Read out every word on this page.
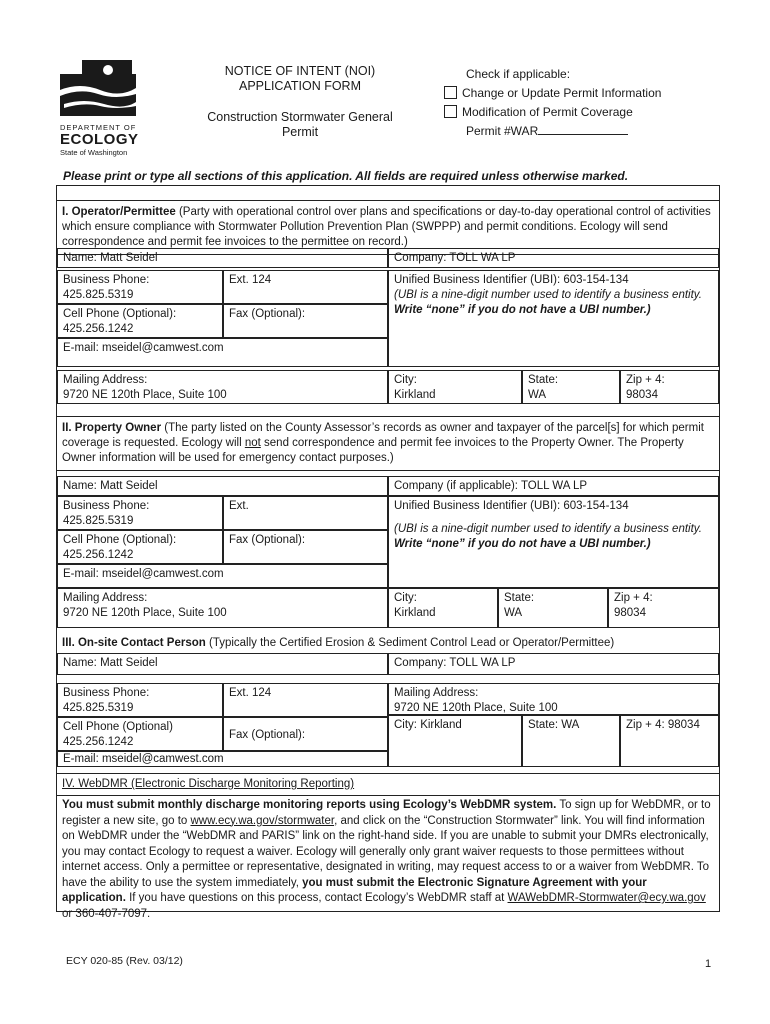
DEPARTMENT OF
ECOLOGY
State of Washington
NOTICE OF INTENT (NOI)
APPLICATION FORM
Construction Stormwater General
Permit
Check if applicable:
Change or Update Permit Information
Modification of Permit Coverage
Permit #WAR
Please print or type all sections of this application. All fields are required unless otherwise marked.
I. Operator/Permittee (Party with operational control over plans and specifications or day-to-day operational control of activities which ensure compliance with Stormwater Pollution Prevention Plan (SWPPP) and permit conditions. Ecology will send correspondence and permit fee invoices to the permittee on record.)
Name: Matt Seidel	Company: TOLL WA LP
Business Phone:
425.825.5319
Ext. 124	Unified Business Identifier (UBI): 603-154-134
(UBI is a nine-digit number used to identify a business entity.
Write “none” if you do not have a UBI number.)
Cell Phone (Optional):
425.256.1242
Fax (Optional):
E-mail: mseidel@camwest.com
Mailing Address:
9720 NE 120th Place, Suite 100
City:
Kirkland
State:
WA
Zip + 4:
98034
II. Property Owner (The party listed on the County Assessor’s records as owner and taxpayer of the parcel[s] for which permit coverage is requested. Ecology will not send correspondence and permit fee invoices to the Property Owner. The Property Owner information will be used for emergency contact purposes.)
Name: Matt Seidel	Company (if applicable): TOLL WA LP
Business Phone:
425.825.5319
Ext.	Unified Business Identifier (UBI): 603-154-134
(UBI is a nine-digit number used to identify a business entity.
Write “none” if you do not have a UBI number.)
Cell Phone (Optional):
425.256.1242
Fax (Optional):
E-mail: mseidel@camwest.com
Mailing Address:
9720 NE 120th Place, Suite 100
City:
Kirkland
State:
WA
Zip + 4:
98034
III. On-site Contact Person (Typically the Certified Erosion & Sediment Control Lead or Operator/Permittee)
Name: Matt Seidel	Company: TOLL WA LP
Business Phone:
425.825.5319
Ext. 124	Mailing Address:
9720 NE 120th Place, Suite 100
Cell Phone (Optional)
425.256.1242
Fax (Optional):
City: Kirkland	State: WA	Zip + 4: 98034
E-mail: mseidel@camwest.com
IV. WebDMR (Electronic Discharge Monitoring Reporting)
You must submit monthly discharge monitoring reports using Ecology’s WebDMR system. To sign up for WebDMR, or to register a new site, go to www.ecy.wa.gov/stormwater, and click on the “Construction Stormwater” link. You will find information on WebDMR under the “WebDMR and PARIS” link on the right-hand side. If you are unable to submit your DMRs electronically, you may contact Ecology to request a waiver. Ecology will generally only grant waiver requests to those permittees without internet access. Only a permittee or representative, designated in writing, may request access to or a waiver from WebDMR. To have the ability to use the system immediately, you must submit the Electronic Signature Agreement with your application. If you have questions on this process, contact Ecology’s WebDMR staff at WAWebDMR-Stormwater@ecy.wa.gov or 360-407-7097.
ECY 020-85 (Rev. 03/12)	1
